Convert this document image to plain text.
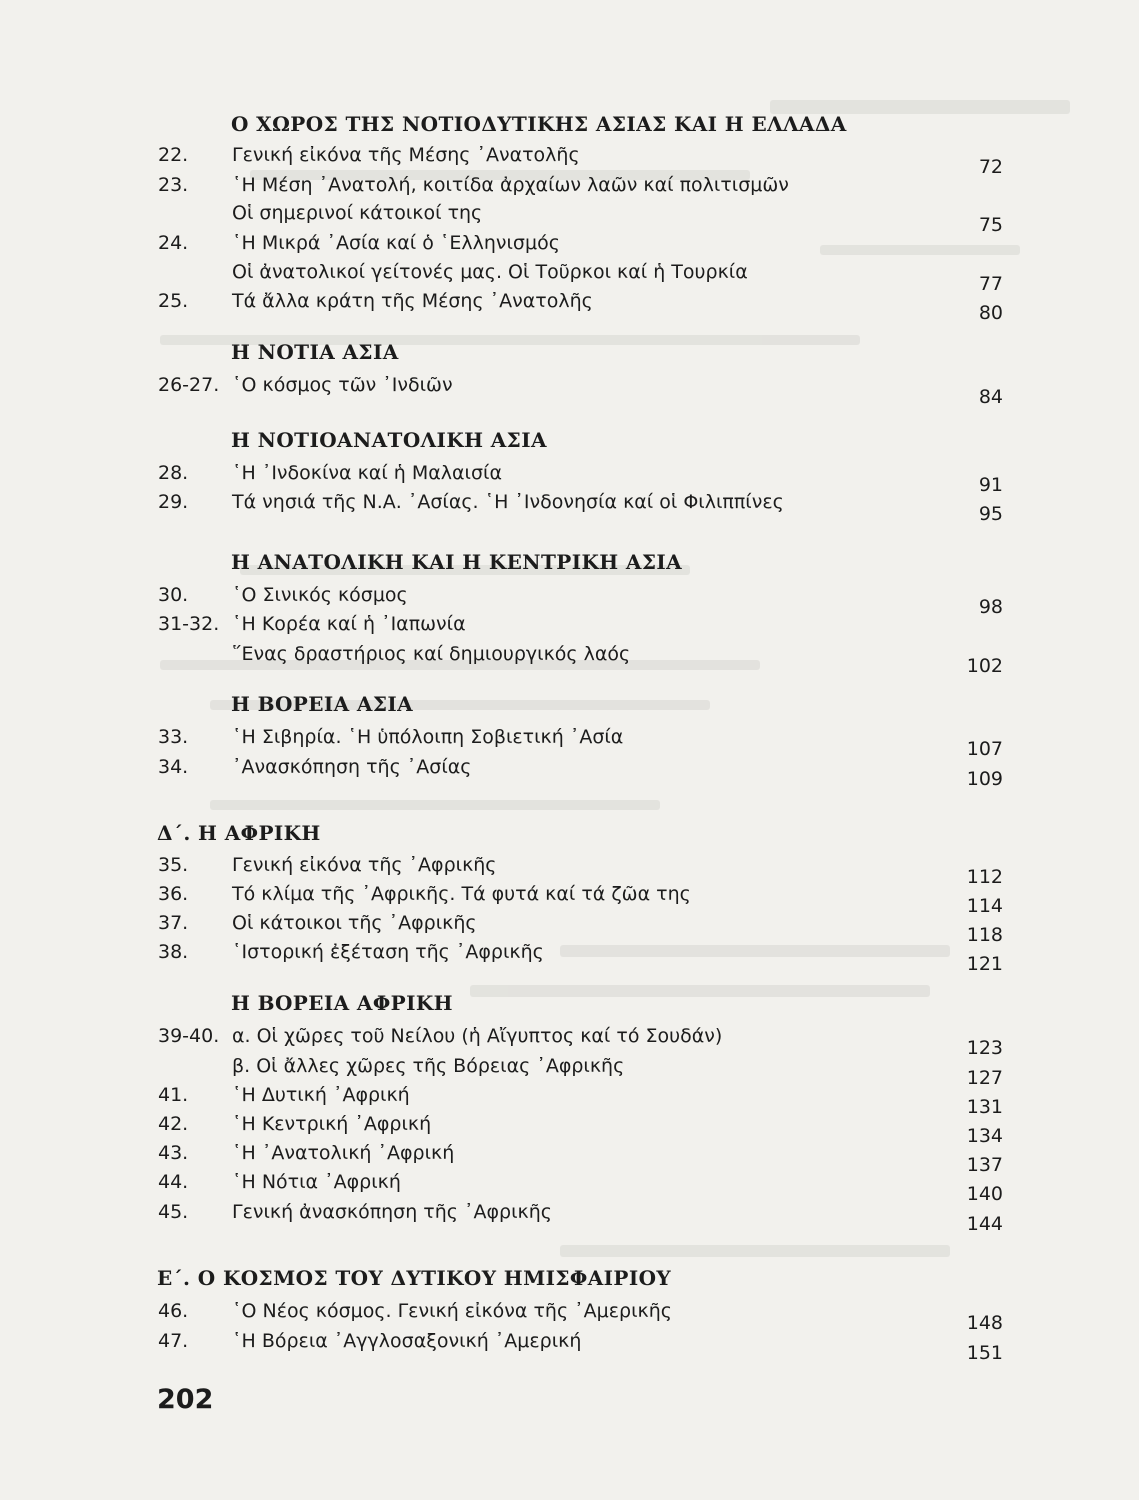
Ο ΧΩΡΟΣ ΤΗΣ ΝΟΤΙΟΔΥΤΙΚΗΣ ΑΣΙΑΣ ΚΑΙ Η ΕΛΛΑΔΑ
22. Γενική εἰκόνα τῆς Μέσης ᾿Ανατολῆς
72
23. ῾Η Μέση ᾿Ανατολή, κοιτίδα ἀρχαίων λαῶν καί πολιτισμῶν
Οἱ σημερινοί κάτοικοί της
75
24. ῾Η Μικρά ᾿Ασία καί ὁ ῾Ελληνισμός
Οἱ ἀνατολικοί γείτονές μας. Οἱ Τοῦρκοι καί ἡ Τουρκία
77
25. Τά ἄλλα κράτη τῆς Μέσης ᾿Ανατολῆς
80
Η ΝΟΤΙΑ ΑΣΙΑ
26-27. ῾Ο κόσμος τῶν ᾿Ινδιῶν
84
Η ΝΟΤΙΟΑΝΑΤΟΛΙΚΗ ΑΣΙΑ
28. ῾Η ᾿Ινδοκίνα καί ἡ Μαλαισία
91
29. Τά νησιά τῆς Ν.Α. ᾿Ασίας. ῾Η ᾿Ινδονησία καί οἱ Φιλιππίνες
95
Η ΑΝΑΤΟΛΙΚΗ ΚΑΙ Η ΚΕΝΤΡΙΚΗ ΑΣΙΑ
30. ῾Ο Σινικός κόσμος
98
31-32. ῾Η Κορέα καί ἡ ᾿Ιαπωνία
῞Ενας δραστήριος καί δημιουργικός λαός
102
Η ΒΟΡΕΙΑ ΑΣΙΑ
33. ῾Η Σιβηρία. ῾Η ὑπόλοιπη Σοβιετική ᾿Ασία
107
34. ᾿Ανασκόπηση τῆς ᾿Ασίας
109
Δ΄. Η ΑΦΡΙΚΗ
35. Γενική εἰκόνα τῆς ᾿Αφρικῆς
112
36. Τό κλίμα τῆς ᾿Αφρικῆς. Τά φυτά καί τά ζῶα της
114
37. Οἱ κάτοικοι τῆς ᾿Αφρικῆς
118
38. ῾Ιστορική ἐξέταση τῆς ᾿Αφρικῆς
121
Η ΒΟΡΕΙΑ ΑΦΡΙΚΗ
39-40. α. Οἱ χῶρες τοῦ Νείλου (ἡ Αἴγυπτος καί τό Σουδάν)
123
β. Οἱ ἄλλες χῶρες τῆς Βόρειας ᾿Αφρικῆς
127
41. ῾Η Δυτική ᾿Αφρική
131
42. ῾Η Κεντρική ᾿Αφρική
134
43. ῾Η ᾿Ανατολική ᾿Αφρική
137
44. ῾Η Νότια ᾿Αφρική
140
45. Γενική ἀνασκόπηση τῆς ᾿Αφρικῆς
144
Ε΄. Ο ΚΟΣΜΟΣ ΤΟΥ ΔΥΤΙΚΟΥ ΗΜΙΣΦΑΙΡΙΟΥ
46. ῾Ο Νέος κόσμος. Γενική εἰκόνα τῆς ᾿Αμερικῆς
148
47. ῾Η Βόρεια ᾿Αγγλοσαξονική ᾿Αμερική
151
202
